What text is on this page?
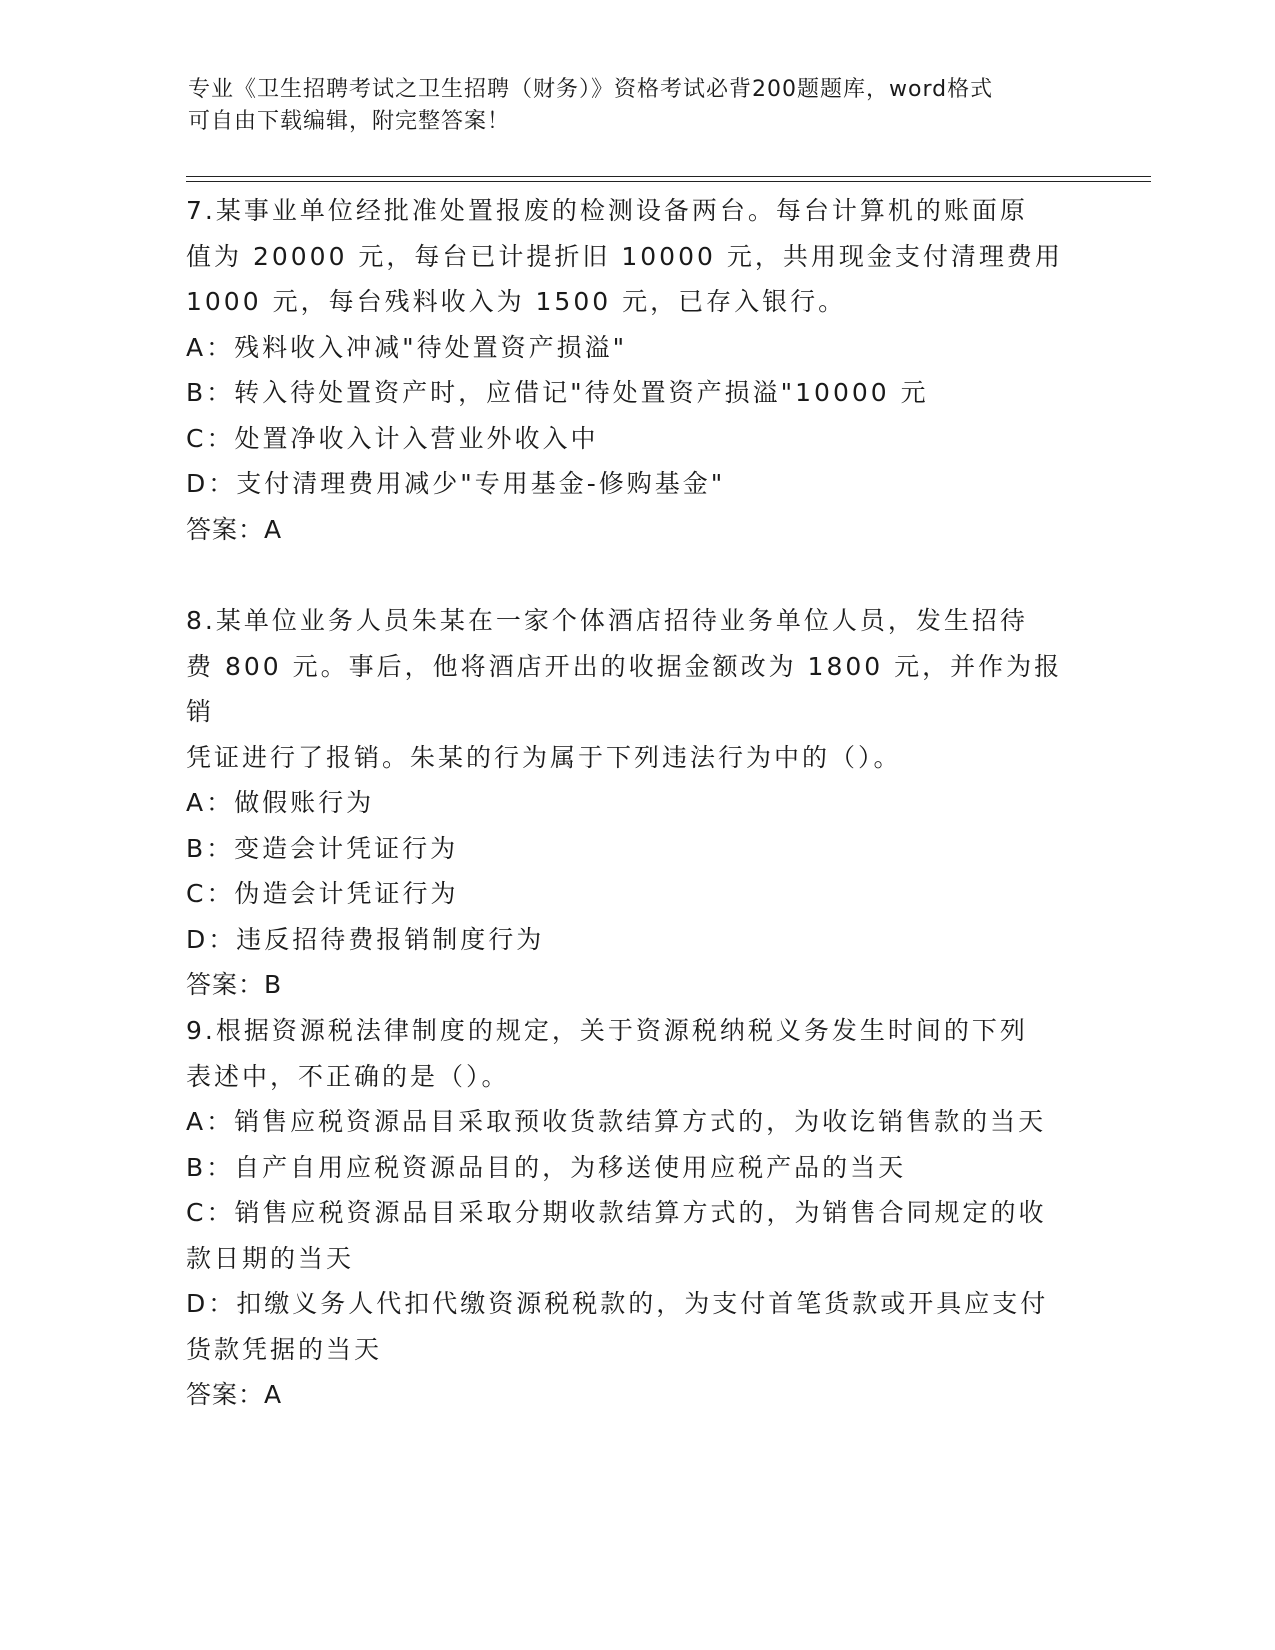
专业《卫生招聘考试之卫生招聘（财务）》资格考试必背200题题库，word格式

可自由下载编辑，附完整答案！

7.某事业单位经批准处置报废的检测设备两台。每台计算机的账面原

值为 20000 元，每台已计提折旧 10000 元，共用现金支付清理费用

1000 元，每台残料收入为 1500 元，已存入银行。

A：残料收入冲减"待处置资产损溢"

B：转入待处置资产时，应借记"待处置资产损溢"10000 元

C：处置净收入计入营业外收入中

D：支付清理费用减少"专用基金-修购基金"

答案：A

8.某单位业务人员朱某在一家个体酒店招待业务单位人员，发生招待

费 800 元。事后，他将酒店开出的收据金额改为 1800 元，并作为报销

凭证进行了报销。朱某的行为属于下列违法行为中的（）。

A：做假账行为

B：变造会计凭证行为

C：伪造会计凭证行为

D：违反招待费报销制度行为

答案：B

9.根据资源税法律制度的规定，关于资源税纳税义务发生时间的下列

表述中，不正确的是（）。

A：销售应税资源品目采取预收货款结算方式的，为收讫销售款的当天

B：自产自用应税资源品目的，为移送使用应税产品的当天

C：销售应税资源品目采取分期收款结算方式的，为销售合同规定的收

款日期的当天

D：扣缴义务人代扣代缴资源税税款的，为支付首笔货款或开具应支付

货款凭据的当天

答案：A
